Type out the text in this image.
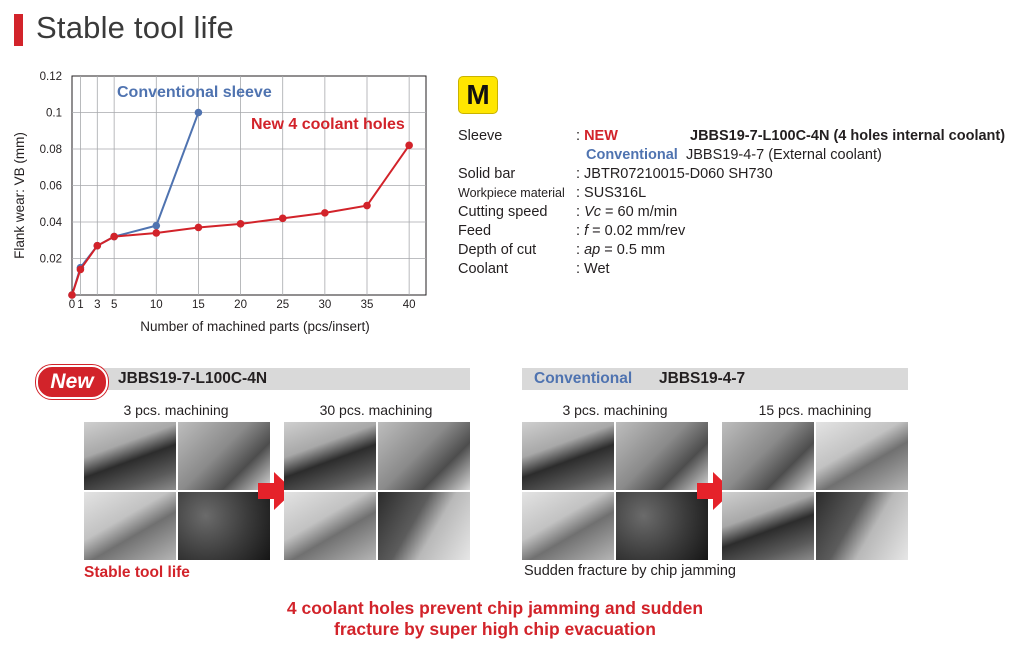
Stable tool life
0 1 3 5	10	15	20	25	30	35	40
0.02
0.04
0.06
0.08
0.1
0.12
Number of machined parts (pcs/insert)
Flank wear: VB (mm)
Conventional sleeve
New 4 coolant holes
M
Sleeve	: NEW	JBBS19-7-L100C-4N (4 holes internal coolant)
Conventional JBBS19-4-7 (External coolant)
Solid bar	: JBTR07210015-D060 SH730
Workpiece material : SUS316L
Cutting speed : Vc = 60 m/min
Feed	: f = 0.02 mm/rev
Depth of cut	: ap = 0.5 mm
Coolant	: Wet
New	JBBS19-7-L100C-4N
3 pcs. machining	30 pcs. machining
Stable tool life
Conventional JBBS19-4-7
3 pcs. machining	15 pcs. machining
Sudden fracture by chip jamming
4 coolant holes prevent chip jamming and sudden
fracture by super high chip evacuation
